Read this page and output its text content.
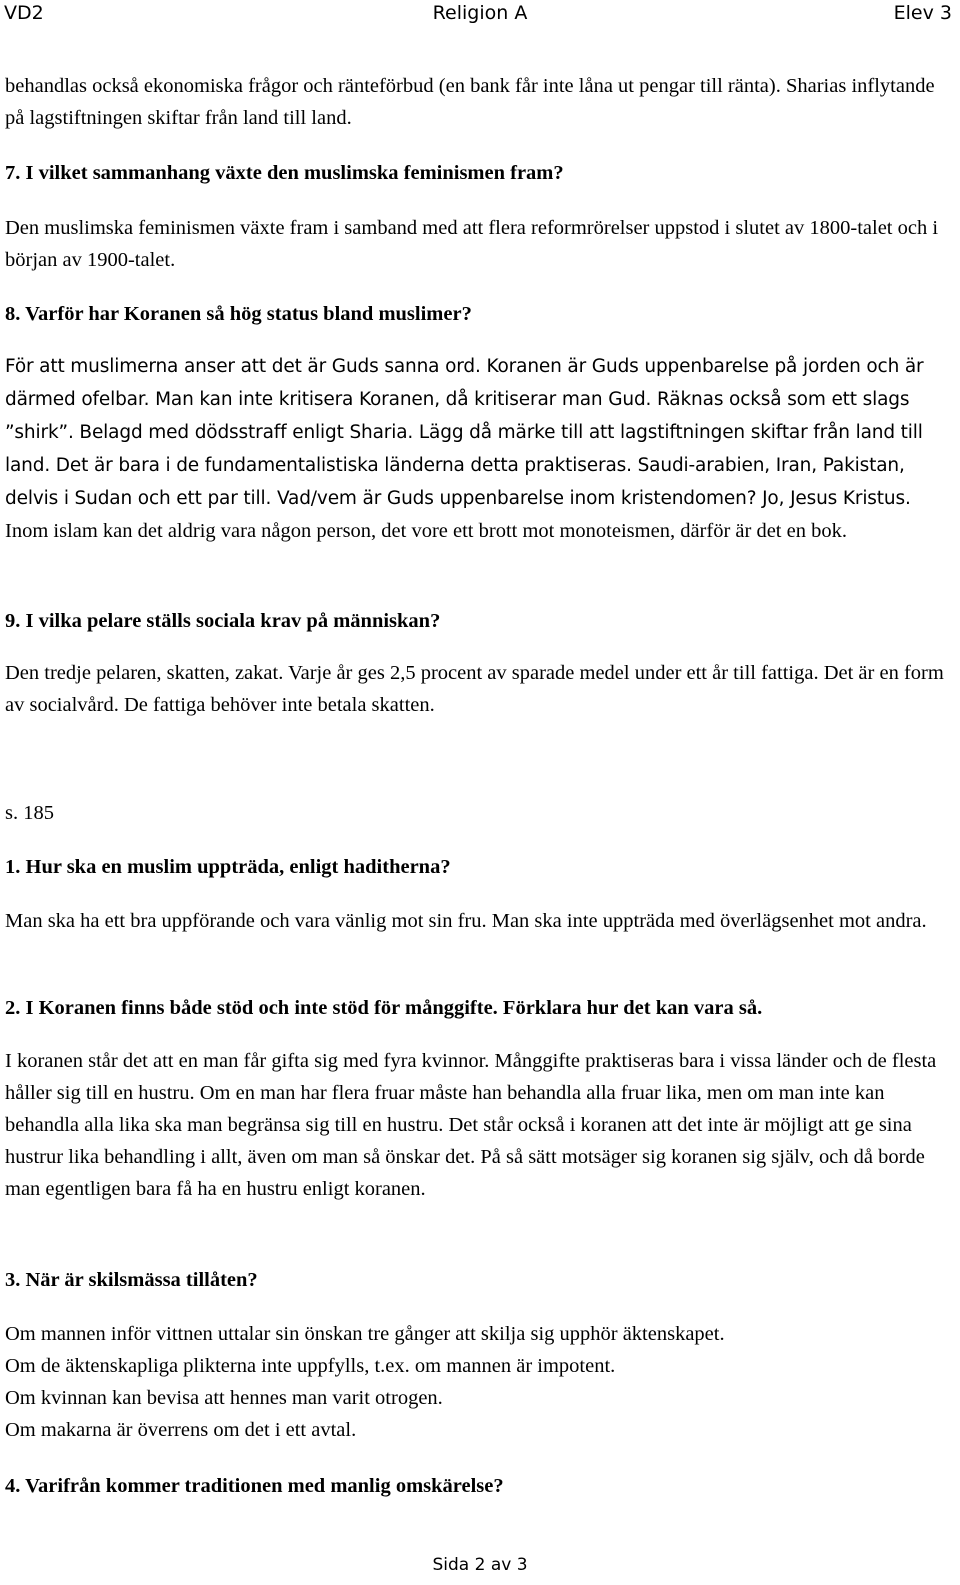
VD2	Religion A	Elev 3

behandlas också ekonomiska frågor och ränteförbud (en bank får inte låna ut pengar till ränta). Sharias inflytande på lagstiftningen skiftar från land till land.

7. I vilket sammanhang växte den muslimska feminismen fram?

Den muslimska feminismen växte fram i samband med att flera reformrörelser uppstod i slutet av 1800-talet och i början av 1900-talet.

8. Varför har Koranen så hög status bland muslimer?

För att muslimerna anser att det är Guds sanna ord. Koranen är Guds uppenbarelse på jorden och är därmed ofelbar. Man kan inte kritisera Koranen, då kritiserar man Gud. Räknas också som ett slags ”shirk”. Belagd med dödsstraff enligt Sharia. Lägg då märke till att lagstiftningen skiftar från land till land. Det är bara i de fundamentalistiska länderna detta praktiseras. Saudi-arabien, Iran, Pakistan, delvis i Sudan och ett par till. Vad/vem är Guds uppenbarelse inom kristendomen? Jo, Jesus Kristus. Inom islam kan det aldrig vara någon person, det vore ett brott mot monoteismen, därför är det en bok.

9. I vilka pelare ställs sociala krav på människan?

Den tredje pelaren, skatten, zakat. Varje år ges 2,5 procent av sparade medel under ett år till fattiga. Det är en form av socialvård. De fattiga behöver inte betala skatten.

s. 185

1. Hur ska en muslim uppträda, enligt haditherna?

Man ska ha ett bra uppförande och vara vänlig mot sin fru. Man ska inte uppträda med överlägsenhet mot andra.

2. I Koranen finns både stöd och inte stöd för månggifte. Förklara hur det kan vara så.

I koranen står det att en man får gifta sig med fyra kvinnor. Månggifte praktiseras bara i vissa länder och de flesta håller sig till en hustru. Om en man har flera fruar måste han behandla alla fruar lika, men om man inte kan behandla alla lika ska man begränsa sig till en hustru. Det står också i koranen att det inte är möjligt att ge sina hustrur lika behandling i allt, även om man så önskar det. På så sätt motsäger sig koranen sig själv, och då borde man egentligen bara få ha en hustru enligt koranen.

3. När är skilsmässa tillåten?

Om mannen inför vittnen uttalar sin önskan tre gånger att skilja sig upphör äktenskapet.
Om de äktenskapliga plikterna inte uppfylls, t.ex. om mannen är impotent.
Om kvinnan kan bevisa att hennes man varit otrogen.
Om makarna är överrens om det i ett avtal.

4. Varifrån kommer traditionen med manlig omskärelse?

Sida 2 av 3
